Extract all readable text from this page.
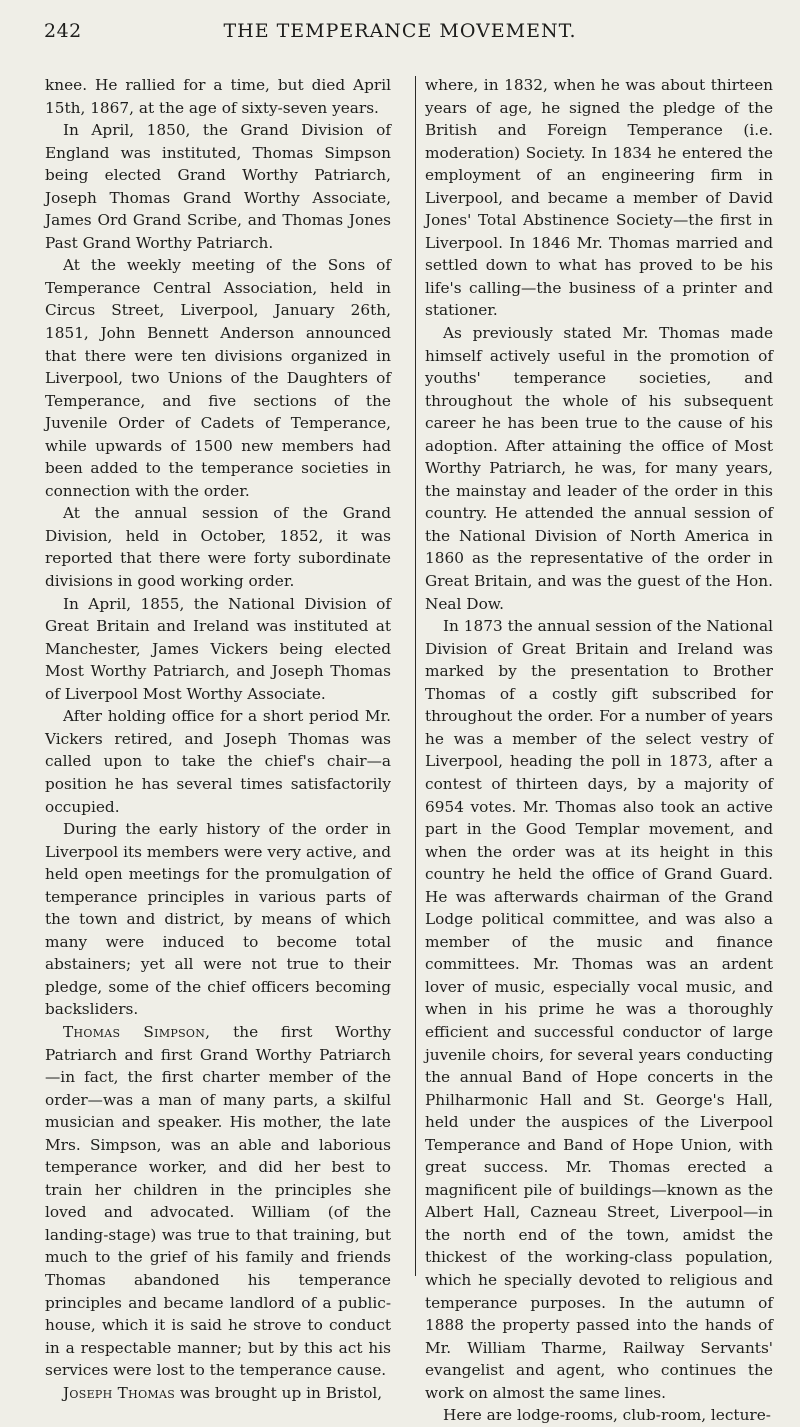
242	THE TEMPERANCE MOVEMENT.

knee. He rallied for a time, but died April 15th, 1867, at the age of sixty-seven years.

In April, 1850, the Grand Division of England was instituted, Thomas Simpson being elected Grand Worthy Patriarch, Joseph Thomas Grand Worthy Associate, James Ord Grand Scribe, and Thomas Jones Past Grand Worthy Patriarch.

At the weekly meeting of the Sons of Temperance Central Association, held in Circus Street, Liverpool, January 26th, 1851, John Bennett Anderson announced that there were ten divisions organized in Liverpool, two Unions of the Daughters of Temperance, and five sections of the Juvenile Order of Cadets of Temperance, while upwards of 1500 new members had been added to the temperance societies in connection with the order.

At the annual session of the Grand Division, held in October, 1852, it was reported that there were forty subordinate divisions in good working order.

In April, 1855, the National Division of Great Britain and Ireland was instituted at Manchester, James Vickers being elected Most Worthy Patriarch, and Joseph Thomas of Liverpool Most Worthy Associate.

After holding office for a short period Mr. Vickers retired, and Joseph Thomas was called upon to take the chief's chair—a position he has several times satisfactorily occupied.

During the early history of the order in Liverpool its members were very active, and held open meetings for the promulgation of temperance principles in various parts of the town and district, by means of which many were induced to become total abstainers; yet all were not true to their pledge, some of the chief officers becoming backsliders.

Thomas Simpson, the first Worthy Patriarch and first Grand Worthy Patriarch—in fact, the first charter member of the order—was a man of many parts, a skilful musician and speaker. His mother, the late Mrs. Simpson, was an able and laborious temperance worker, and did her best to train her children in the principles she loved and advocated. William (of the landing-stage) was true to that training, but much to the grief of his family and friends Thomas abandoned his temperance principles and became landlord of a public-house, which it is said he strove to conduct in a respectable manner; but by this act his services were lost to the temperance cause.

Joseph Thomas was brought up in Bristol,

where, in 1832, when he was about thirteen years of age, he signed the pledge of the British and Foreign Temperance (i.e. moderation) Society. In 1834 he entered the employment of an engineering firm in Liverpool, and became a member of David Jones' Total Abstinence Society—the first in Liverpool. In 1846 Mr. Thomas married and settled down to what has proved to be his life's calling—the business of a printer and stationer.

As previously stated Mr. Thomas made himself actively useful in the promotion of youths' temperance societies, and throughout the whole of his subsequent career he has been true to the cause of his adoption. After attaining the office of Most Worthy Patriarch, he was, for many years, the mainstay and leader of the order in this country. He attended the annual session of the National Division of North America in 1860 as the representative of the order in Great Britain, and was the guest of the Hon. Neal Dow.

In 1873 the annual session of the National Division of Great Britain and Ireland was marked by the presentation to Brother Thomas of a costly gift subscribed for throughout the order. For a number of years he was a member of the select vestry of Liverpool, heading the poll in 1873, after a contest of thirteen days, by a majority of 6954 votes. Mr. Thomas also took an active part in the Good Templar movement, and when the order was at its height in this country he held the office of Grand Guard. He was afterwards chairman of the Grand Lodge political committee, and was also a member of the music and finance committees. Mr. Thomas was an ardent lover of music, especially vocal music, and when in his prime he was a thoroughly efficient and successful conductor of large juvenile choirs, for several years conducting the annual Band of Hope concerts in the Philharmonic Hall and St. George's Hall, held under the auspices of the Liverpool Temperance and Band of Hope Union, with great success. Mr. Thomas erected a magnificent pile of buildings—known as the Albert Hall, Cazneau Street, Liverpool—in the north end of the town, amidst the thickest of the working-class population, which he specially devoted to religious and temperance purposes. In the autumn of 1888 the property passed into the hands of Mr. William Tharme, Railway Servants' evangelist and agent, who continues the work on almost the same lines.

Here are lodge-rooms, club-room, lecture-
